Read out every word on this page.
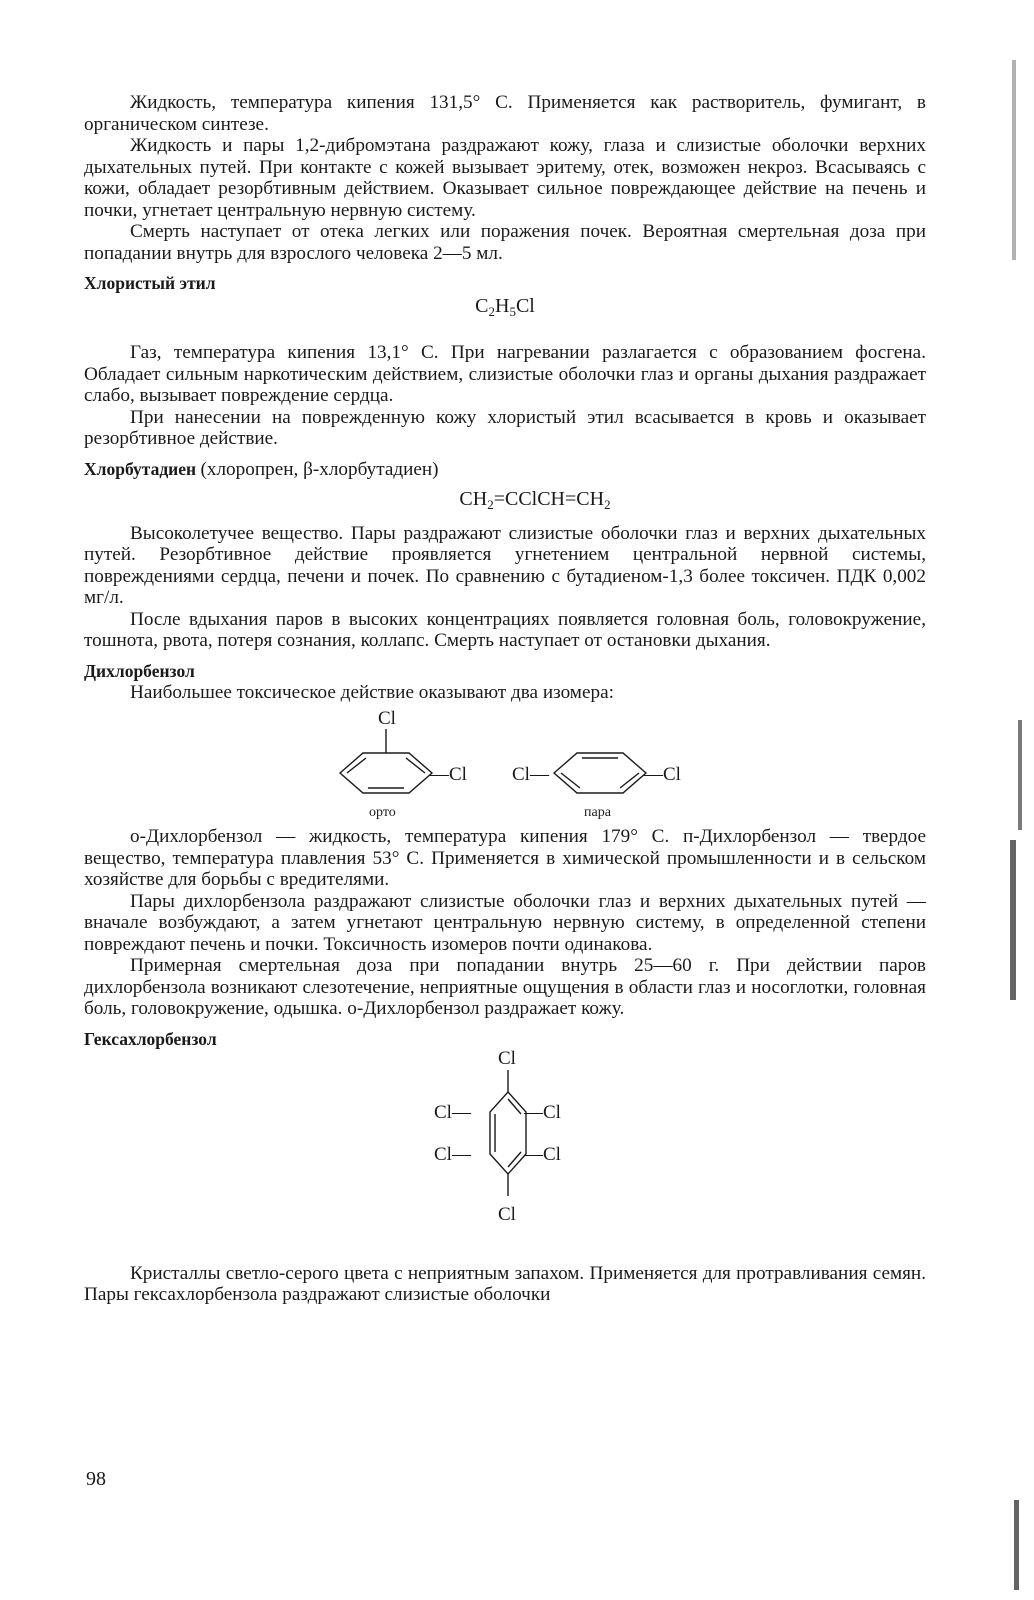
Жидкость, температура кипения 131,5° С. Применяется как растворитель, фумигант, в органическом синтезе.

Жидкость и пары 1,2-дибромэтана раздражают кожу, глаза и слизистые оболочки верхних дыхательных путей. При контакте с кожей вызывает эритему, отек, возможен некроз. Всасываясь с кожи, обладает резорбтивным действием. Оказывает сильное повреждающее действие на печень и почки, угнетает центральную нервную систему.

Смерть наступает от отека легких или поражения почек. Вероятная смертельная доза при попадании внутрь для взрослого человека 2—5 мл.

Хлористый этил

$C_2H_5Cl$

Газ, температура кипения 13,1° С. При нагревании разлагается с образованием фосгена. Обладает сильным наркотическим действием, слизистые оболочки глаз и органы дыхания раздражает слабо, вызывает повреждение сердца.

При нанесении на поврежденную кожу хлористый этил всасывается в кровь и оказывает резорбтивное действие.

Хлорбутадиен (хлоропрен, β-хлорбутадиен)

$CH_2=CClCH=CH_2$

Высоколетучее вещество. Пары раздражают слизистые оболочки глаз и верхних дыхательных путей. Резорбтивное действие проявляется угнетением центральной нервной системы, повреждениями сердца, печени и почек. По сравнению с бутадиеном-1,3 более токсичен. ПДК 0,002 мг/л.

После вдыхания паров в высоких концентрациях появляется головная боль, головокружение, тошнота, рвота, потеря сознания, коллапс. Смерть наступает от остановки дыхания.

Дихлорбензол

Наибольшее токсическое действие оказывают два изомера:

Cl
—Cl
орто
Cl—	—Cl
пара

о-Дихлорбензол — жидкость, температура кипения 179° С. п-Дихлорбензол — твердое вещество, температура плавления 53° С. Применяется в химической промышленности и в сельском хозяйстве для борьбы с вредителями.

Пары дихлорбензола раздражают слизистые оболочки глаз и верхних дыхательных путей — вначале возбуждают, а затем угнетают центральную нервную систему, в определенной степени повреждают печень и почки. Токсичность изомеров почти одинакова.

Примерная смертельная доза при попадании внутрь 25—60 г. При действии паров дихлорбензола возникают слезотечение, неприятные ощущения в области глаз и носоглотки, головная боль, головокружение, одышка. о-Дихлорбензол раздражает кожу.

Гексахлорбензол

Cl
Cl—	—Cl
Cl—	—Cl
Cl

Кристаллы светло-серого цвета с неприятным запахом. Применяется для протравливания семян. Пары гексахлорбензола раздражают слизистые оболочки

98
